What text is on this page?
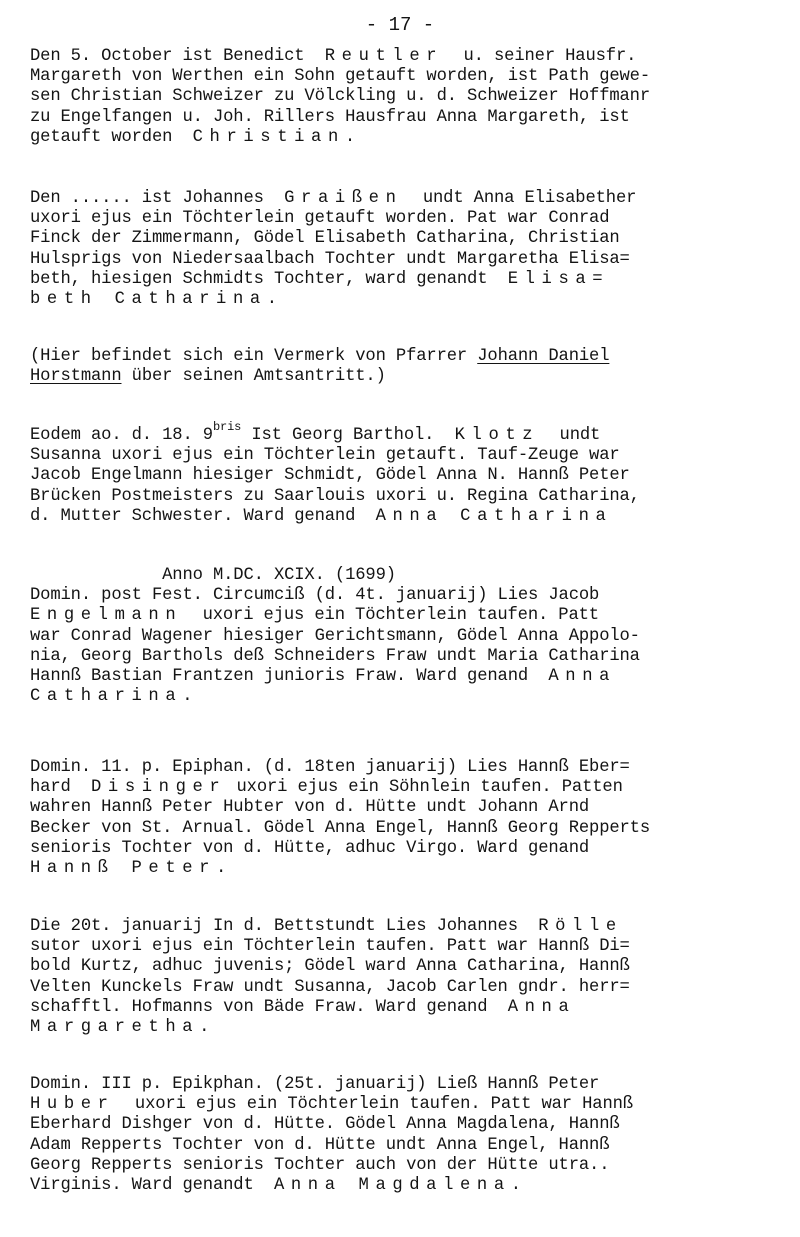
- 17 -
Den 5. October ist Benedict  Reutler  u. seiner Hausfr.
Margareth von Werthen ein Sohn getauft worden, ist Path gewe-
sen Christian Schweizer zu Völckling u. d. Schweizer Hoffmanr
zu Engelfangen u. Joh. Rillers Hausfrau Anna Margareth, ist
getauft worden  Christian.
Den ...... ist Johannes  Graißen  undt Anna Elisabether
uxori ejus ein Töchterlein getauft worden. Pat war Conrad
Finck der Zimmermann, Gödel Elisabeth Catharina, Christian
Hulsprigs von Niedersaalbach Tochter undt Margaretha Elisa=
beth, hiesigen Schmidts Tochter, ward genandt  Elisa=
beth Catharina.
(Hier befindet sich ein Vermerk von Pfarrer Johann Daniel
Horstmann über seinen Amtsantritt.)
Eodem ao. d. 18. $9^{bris}$ Ist Georg Barthol.  Klotz  undt
Susanna uxori ejus ein Töchterlein getauft. Tauf-Zeuge war
Jacob Engelmann hiesiger Schmidt, Gödel Anna N. Hannß Peter
Brücken Postmeisters zu Saarlouis uxori u. Regina Catharina,
d. Mutter Schwester. Ward genand  Anna Catharina
Anno M.DC. XCIX. (1699)
Domin. post Fest. Circumciß (d. 4t. januarij) Lies Jacob
Engelmann  uxori ejus ein Töchterlein taufen. Patt
war Conrad Wagener hiesiger Gerichtsmann, Gödel Anna Appolo-
nia, Georg Barthols deß Schneiders Fraw undt Maria Catharina
Hannß Bastian Frantzen junioris Fraw. Ward genand  Anna
Catharina.
Domin. 11. p. Epiphan. (d. 18ten januarij) Lies Hannß Eber=
hard  Disinger uxori ejus ein Söhnlein taufen. Patten
wahren Hannß Peter Hubter von d. Hütte undt Johann Arnd
Becker von St. Arnual. Gödel Anna Engel, Hannß Georg Repperts
senioris Tochter von d. Hütte, adhuc Virgo. Ward genand
Hannß Peter.
Die 20t. januarij In d. Bettstundt Lies Johannes  Rölle
sutor uxori ejus ein Töchterlein taufen. Patt war Hannß Di=
bold Kurtz, adhuc juvenis; Gödel ward Anna Catharina, Hannß
Velten Kunckels Fraw undt Susanna, Jacob Carlen gndr. herr=
schafftl. Hofmanns von Bäde Fraw. Ward genand  Anna
Margaretha.
Domin. III p. Epikphan. (25t. januarij) Ließ Hannß Peter
Huber  uxori ejus ein Töchterlein taufen. Patt war Hannß
Eberhard Dishger von d. Hütte. Gödel Anna Magdalena, Hannß
Adam Repperts Tochter von d. Hütte undt Anna Engel, Hannß
Georg Repperts senioris Tochter auch von der Hütte utra..
Virginis. Ward genandt  Anna Magdalena.
